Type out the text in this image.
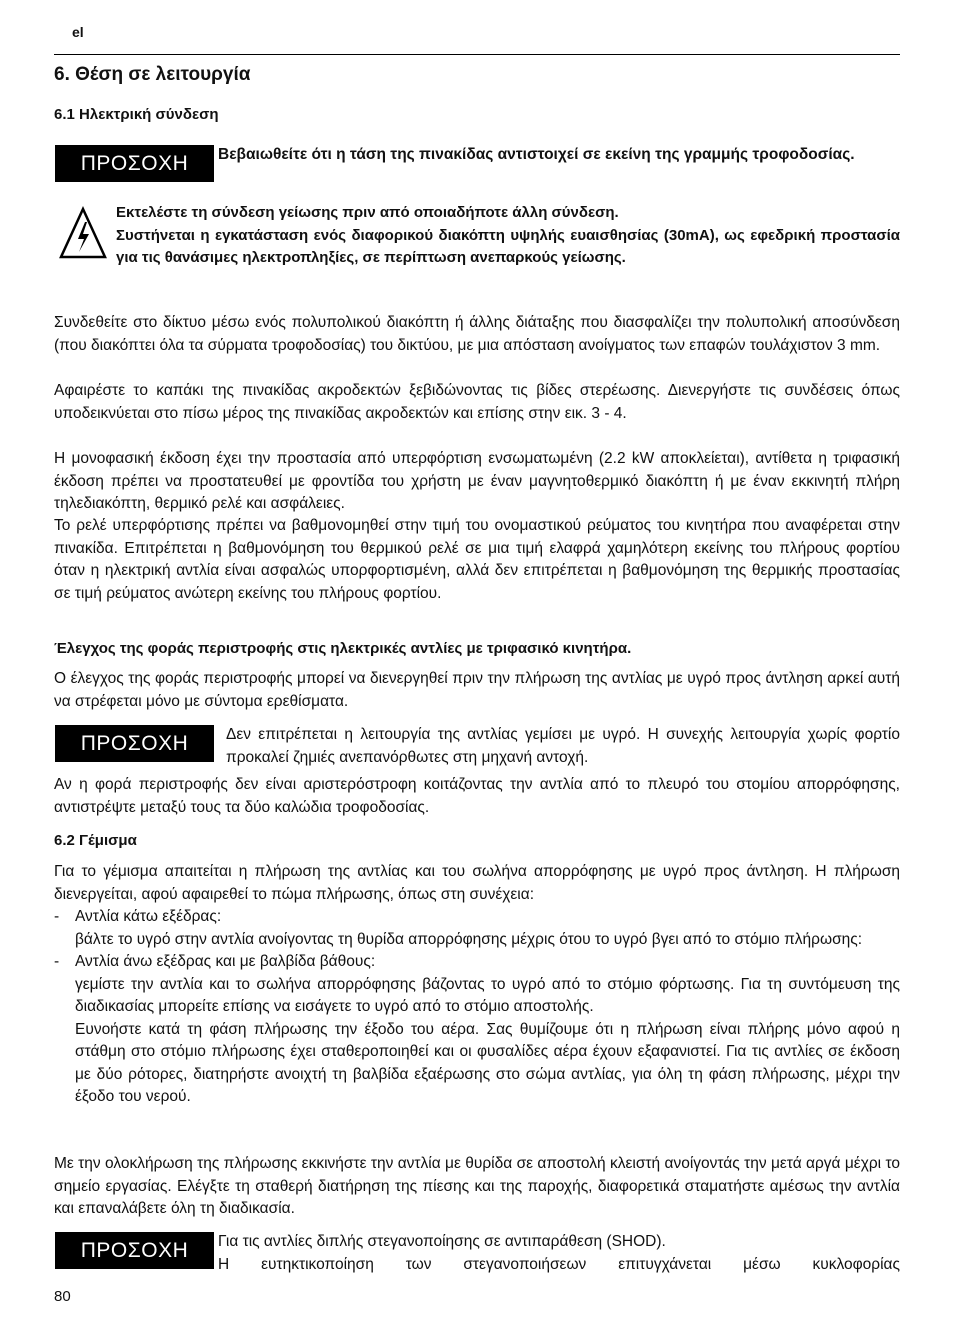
el
6. Θέση σε λειτουργία
6.1 Ηλεκτρική σύνδεση
ΠΡΟΣΟΧΗ	Βεβαιωθείτε ότι η τάση της πινακίδας αντιστοιχεί σε εκείνη της γραμμής τροφοδοσίας.
Εκτελέστε τη σύνδεση γείωσης πριν από οποιαδήποτε άλλη σύνδεση.
Συστήνεται η εγκατάσταση ενός διαφορικού διακόπτη υψηλής ευαισθησίας (30mA), ως εφεδρική προστασία για τις θανάσιμες ηλεκτροπληξίες, σε περίπτωση ανεπαρκούς γείωσης.

Συνδεθείτε στο δίκτυο μέσω ενός πολυπολικού διακόπτη ή άλλης διάταξης που διασφαλίζει την πολυπολική αποσύνδεση (που διακόπτει όλα τα σύρματα τροφοδοσίας) του δικτύου, με μια απόσταση ανοίγματος των επαφών τουλάχιστον 3 mm.

Αφαιρέστε το καπάκι της πινακίδας ακροδεκτών ξεβιδώνοντας τις βίδες στερέωσης. Διενεργήστε τις συνδέσεις όπως υποδεικνύεται στο πίσω μέρος της πινακίδας ακροδεκτών και επίσης στην εικ. 3 - 4.

Η μονοφασική έκδοση έχει την προστασία από υπερφόρτιση ενσωματωμένη (2.2 kW αποκλείεται), αντίθετα η τριφασική έκδοση πρέπει να προστατευθεί με φροντίδα του χρήστη με έναν μαγνητοθερμικό διακόπτη ή με έναν εκκινητή πλήρη τηλεδιακόπτη, θερμικό ρελέ και ασφάλειες.

Το ρελέ υπερφόρτισης πρέπει να βαθμονομηθεί στην τιμή του ονομαστικού ρεύματος του κινητήρα που αναφέρεται στην πινακίδα. Επιτρέπεται η βαθμονόμηση του θερμικού ρελέ σε μια τιμή ελαφρά χαμηλότερη εκείνης του πλήρους φορτίου όταν η ηλεκτρική αντλία είναι ασφαλώς υπορφορτισμένη, αλλά δεν επιτρέπεται η βαθμονόμηση της θερμικής προστασίας σε τιμή ρεύματος ανώτερη εκείνης του πλήρους φορτίου.

Έλεγχος της φοράς περιστροφής στις ηλεκτρικές αντλίες με τριφασικό κινητήρα.

Ο έλεγχος της φοράς περιστροφής μπορεί να διενεργηθεί πριν την πλήρωση της αντλίας με υγρό προς άντληση αρκεί αυτή να στρέφεται μόνο με σύντομα ερεθίσματα.

ΠΡΟΣΟΧΗ	Δεν επιτρέπεται η λειτουργία της αντλίας γεμίσει με υγρό. Η συνεχής λειτουργία χωρίς φορτίο προκαλεί ζημιές ανεπανόρθωτες στη μηχανή αντοχή.

Αν η φορά περιστροφής δεν είναι αριστερόστροφη κοιτάζοντας την αντλία από το πλευρό του στομίου απορρόφησης, αντιστρέψτε μεταξύ τους τα δύο καλώδια τροφοδοσίας.

6.2 Γέμισμα

Για το γέμισμα απαιτείται η πλήρωση της αντλίας και του σωλήνα απορρόφησης με υγρό προς άντληση. Η πλήρωση διενεργείται, αφού αφαιρεθεί το πώμα πλήρωσης, όπως στη συνέχεια:

- Αντλία κάτω εξέδρας:
βάλτε το υγρό στην αντλία ανοίγοντας τη θυρίδα απορρόφησης μέχρις ότου το υγρό βγει από το στόμιο πλήρωσης:
- Αντλία άνω εξέδρας και με βαλβίδα βάθους:
γεμίστε την αντλία και το σωλήνα απορρόφησης βάζοντας το υγρό από το στόμιο φόρτωσης. Για τη συντόμευση της διαδικασίας μπορείτε επίσης να εισάγετε το υγρό από το στόμιο αποστολής.
Ευνοήστε κατά τη φάση πλήρωσης την έξοδο του αέρα. Σας θυμίζουμε ότι η πλήρωση είναι πλήρης μόνο αφού η στάθμη στο στόμιο πλήρωσης έχει σταθεροποιηθεί και οι φυσαλίδες αέρα έχουν εξαφανιστεί. Για τις αντλίες σε έκδοση με δύο ρότορες, διατηρήστε ανοιχτή τη βαλβίδα εξαέρωσης στο σώμα αντλίας, για όλη τη φάση πλήρωσης, μέχρι την έξοδο του νερού.

Με την ολοκλήρωση της πλήρωσης εκκινήστε την αντλία με θυρίδα σε αποστολή κλειστή ανοίγοντάς την μετά αργά μέχρι το σημείο εργασίας. Ελέγξτε τη σταθερή διατήρηση της πίεσης και της παροχής, διαφορετικά σταματήστε αμέσως την αντλία και επαναλάβετε όλη τη διαδικασία.

ΠΡΟΣΟΧΗ	Για τις αντλίες διπλής στεγανοποίησης σε αντιπαράθεση (SHOD).
Η ευτηκτικοποίηση των στεγανοποιήσεων επιτυγχάνεται μέσω κυκλοφορίας
80
